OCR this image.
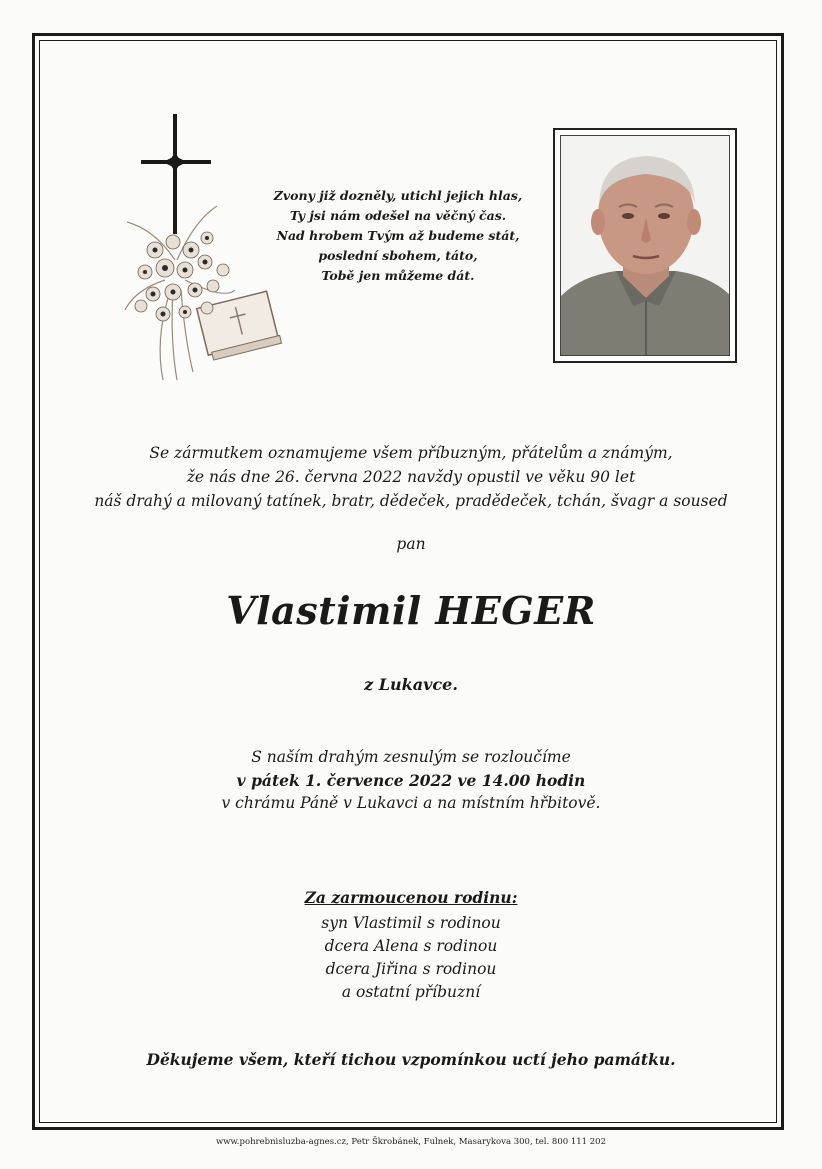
Zvony již dozněly, utichl jejich hlas,
Ty jsi nám odešel na věčný čas.
Nad hrobem Tvým až budeme stát,
poslední sbohem, táto,
Tobě jen můžeme dát.
Se zármutkem oznamujeme všem příbuzným, přátelům a známým,
že nás dne 26. června 2022 navždy opustil ve věku 90 let
náš drahý a milovaný tatínek, bratr, dědeček, pradědeček, tchán, švagr a soused
pan
Vlastimil HEGER
z Lukavce.
S naším drahým zesnulým se rozloučíme
v pátek 1. července 2022 ve 14.00 hodin
v chrámu Páně v Lukavci a na místním hřbitově.
Za zarmoucenou rodinu:
syn Vlastimil s rodinou
dcera Alena s rodinou
dcera Jiřina s rodinou
a ostatní příbuzní
Děkujeme všem, kteří tichou vzpomínkou uctí jeho památku.
www.pohrebnisluzba-agnes.cz, Petr Škrobánek, Fulnek, Masarykova 300, tel. 800 111 202
